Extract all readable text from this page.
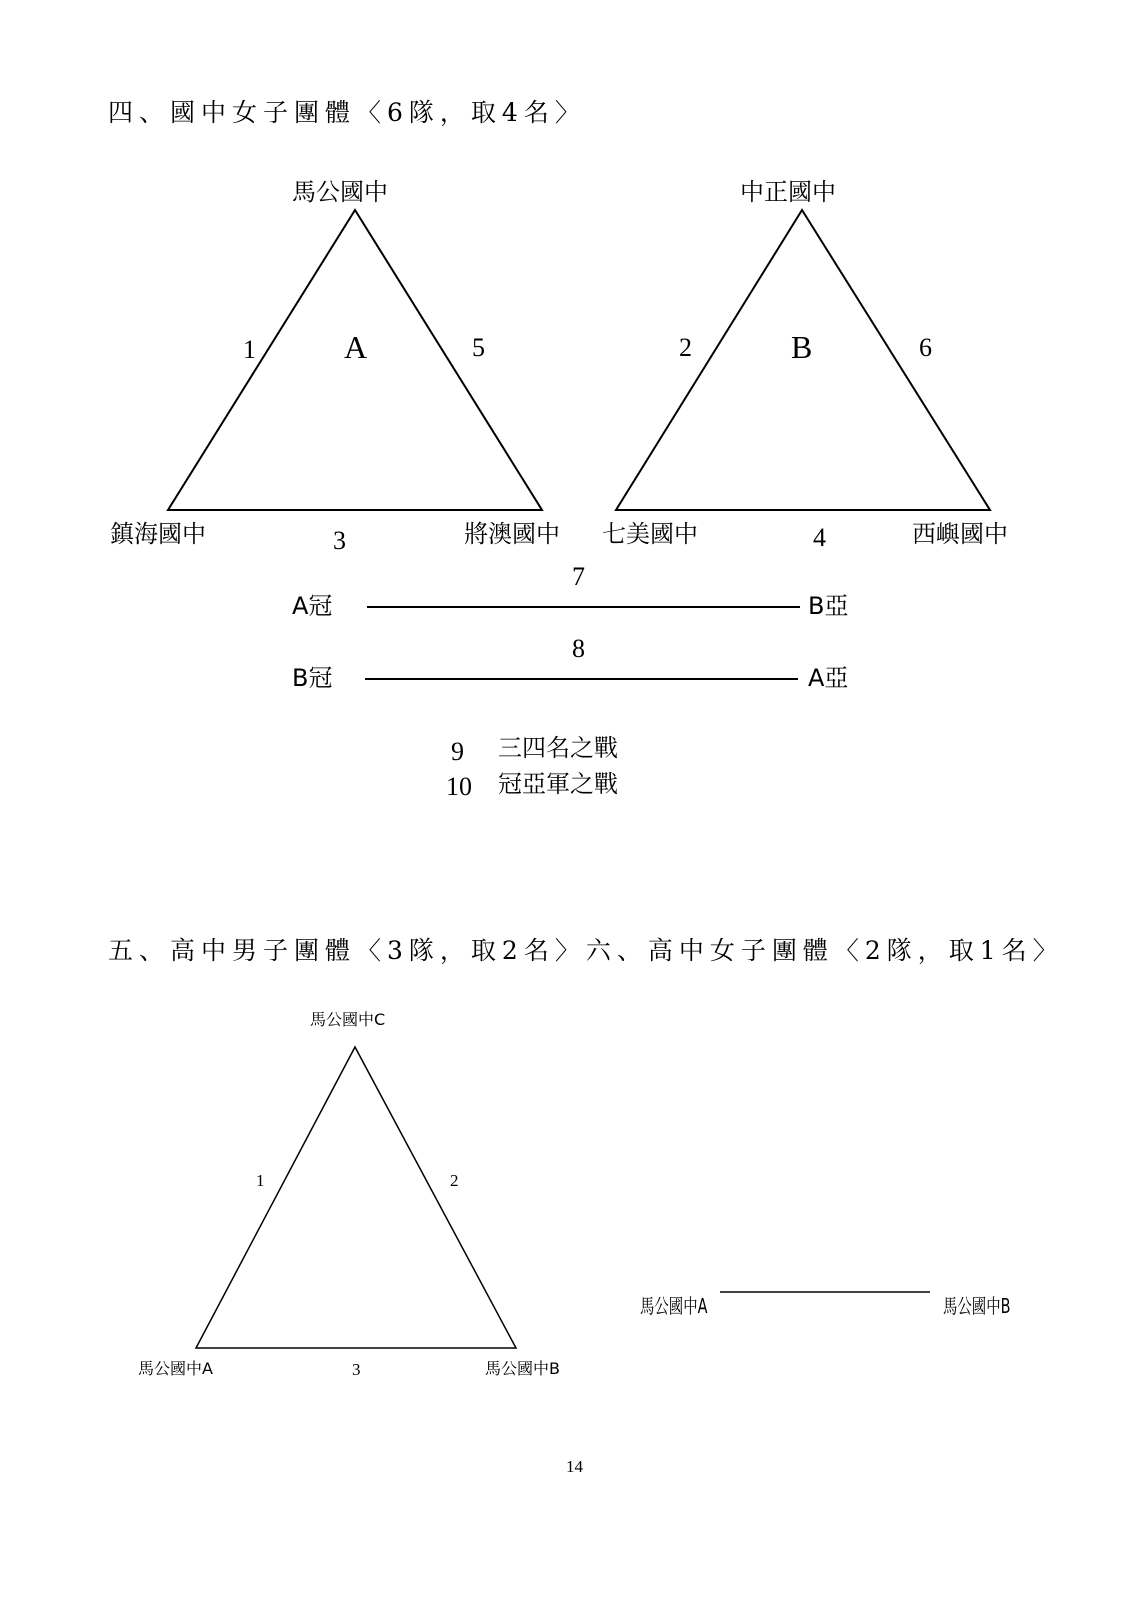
四、國中女子團體〈6隊，取4名〉
馬公國中
A
1	5
鎮海國中	3	將澳國中
中正國中
B
2	6
七美國中	4	西嶼國中
7
A冠	B亞
8
B冠	A亞
9 三四名之戰
10 冠亞軍之戰
五、高中男子團體〈3隊，取2名〉六、高中女子團體〈2隊，取1名〉
馬公國中C
1	2
馬公國中A	3	馬公國中B
馬公國中A	馬公國中B
14
